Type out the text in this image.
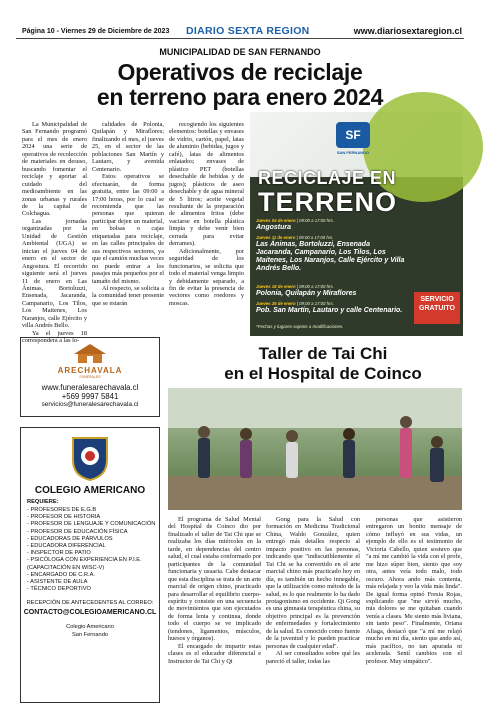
Página 10 - Viernes 29 de Diciembre de 2023 DIARIO SEXTA REGION	www.diariosextaregion.cl
MUNICIPALIDAD DE SAN FERNANDO
Operativos de reciclaje
en terreno para enero 2024

La Municipalidad de San Fernando programó para el mes de enero 2024 una serie de operativos de recolección de materiales en desuso, buscando fomentar el reciclaje y aportar al cuidado del medioambiente en las zonas urbanas y rurales de la capital de Colchagua.

Las jornadas organizadas por la Unidad de Gestión Ambiental (UGA) se inician el jueves 04 de enero en el sector de Angostura. El recorrido siguiente será el jueves 11 de enero en Las Ánimas, Bortoluzzi, Ensenada, Jacaranda, Campanario, Los Tilos, Los Maitenes, Los Naranjos, calle Ejército y villa Andrés Bello.

Ya el jueves 18 corresponderá a las lo-

calidades de Polonia, Quilapán y Miraflores; finalizando el mes, el jueves 25, en el sector de las poblaciones San Martín y Lautaro, y avenida Centenario.

Estos operativos se efectuarán, de forma gratuita, entre las 09:00 a 17:00 horas, por lo cual se recomienda que las personas que quieran participar dejen un material, en bolsas o cajas etiquetadas para reciclaje, en las calles principales de sus respectivos sectores, ya que el camión muchas veces no puede entrar a los pasajes más pequeños por el tamaño del mismo.

Al respecto, se solicita a la comunidad tener presente que se estarán

recogiendo los siguientes elementos: botellas y envases de vidrio, cartón, papel, latas de aluminio (bebidas, jugos y café), latas de alimentos enlatados; envases de plástico PET (botellas desechable de bebidas y de jugos); plásticos de aseo desechable y de agua mineral de 5 litros; aceite vegetal resultante de la preparación de alimentos fritos (debe vaciarse en botella plástica limpia y debe venir bien cerrada para evitar derrames).

Adicionalmente, por seguridad de los funcionarios, se solicita que todo el material venga limpio y debidamente separado, a fin de evitar la presencia de vectores como roedores y moscas.

SF
SAN FERNANDO
RECICLAJE EN
TERRENO
Jueves 04 de enero | 09:00 a 17:00 hrs.
Angostura
Jueves 11 de enero | 09:00 a 17:00 hrs.
Las Ánimas, Bortoluzzi, Ensenada Jacaranda, Campanario, Los Tilos, Los Maitenes, Los Naranjos, Calle Ejército y Villa Andrés Bello.
Jueves 18 de enero | 09:00 a 17:00 hrs.
Polonia, Quilapán y Miraflores
Jueves 25 de enero | 09:00 a 17:00 hrs.
Pob. San Martín, Lautaro y calle Centenario.
*Fechas y lugares sujetos a modificaciones.
SERVICIO GRATUITO
ARECHAVALA
FUNERALES
www.funeralesarechavala.cl
+569 9997 5841
servicios@funeralesarechavala.cl
COLEGIO AMERICANO
REQUIERE:
- PROFESORES DE E.G.B
- PROFESOR DE HISTORIA
- PROFESOR DE LENGUAJE Y COMUNICACIÓN
- PROFESOR DE EDUCACIÓN FÍSICA
- EDUCADORAS DE PÁRVULOS
- EDUCADORA DIFERENCIAL
- INSPECTOR DE PATIO
- PSICÓLOGA CON EXPERIENCIA EN P.I.E.
(CAPACITACIÓN EN WISC-V)
- ENCARGADO DE C.R.A.
- ASISTENTE DE AULA
- TÉCNICO DEPORTIVO
RECEPCIÓN DE ANTECEDENTES AL CORREO:
CONTACTO@COLEGIOAMERICANO.CL
Colegio Americano
San Fernando
Taller de Tai Chi
en el Hospital de Coinco

El programa de Salud Mental del Hospital de Coinco dio por finalizado el taller de Tai Chi que se realizaba los días miércoles en la tarde, en dependencias del centro salud, el cual estaba conformado por participantes de la comunidad funcionaria y usuaria. Cabe destacar que esta disciplina se trata de un arte marcial de origen chino, practicado para desarrollar el equilibrio cuerpo-espíritu y consiste en una secuencia de movimientos que son ejecutados de forma lenta y continua, donde todo el cuerpo se ve implicado (tendones, ligamentos, músculos, huesos y órganos).

El encargado de impartir estas clases es el educador diferencial e Instructor de Tai Chi y Qi

Gong para la Salud con formación en Medicina Tradicional China, Waldo González, quien entregó más detalles respecto al impacto positivo en las personas, indicando que "indiscutiblemente el Tai Chi se ha convertido en el arte marcial chino más practicado hoy en día, es también un hecho innegable, que la utilización como método de la salud, es lo que realmente lo ha dado protagonismo en occidente. Qi Gong es una gimnasia terapéutica china, su objetivo principal es la prevención de enfermedades y fortalecimiento de la salud. Es conocido como fuente de la juventud y lo pueden practicar personas de cualquier edad".

Al ser consultados sobre qué les pareció el taller, todas las

personas que asistieron entregaron un bonito mensaje de cómo influyó en sus vidas, un ejemplo de ello es el testimonio de Victoria Cabello, quien sostuvo que "a mí me cambió la vida con el profe, me hizo súper bien, siento que soy otra, antes veía todo malo, todo oscuro. Ahora ando más contenta, más relajada y veo la vida más linda". De igual forma opinó Fresia Rojas, explicando que "me sirvió mucho, mis dolores se me quitaban cuando venía a clases. Me siento más liviana, sin tanto peso". Finalmente, Oriana Aliaga, destacó que "a mí me relajó mucho en mi día, siento que ando así, más pacífico, no tan apurada ni acelerada. Sentí cambios con el profesor. Muy simpático".
